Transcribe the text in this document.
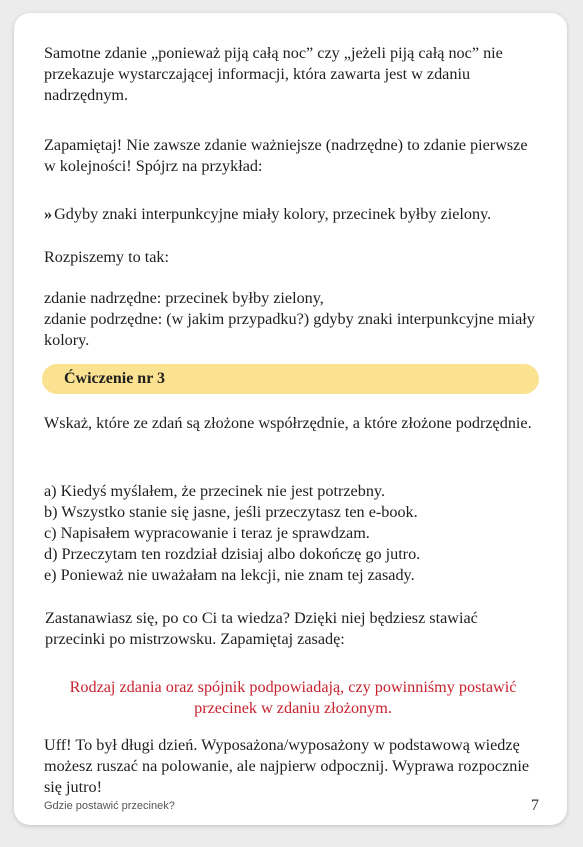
Samotne zdanie „ponieważ piją całą noc” czy „jeżeli piją całą noc” nie przekazuje wystarczającej informacji, która zawarta jest w zdaniu nadrzędnym.

Zapamiętaj! Nie zawsze zdanie ważniejsze (nadrzędne) to zdanie pierwsze w kolejności! Spójrz na przykład:

» Gdyby znaki interpunkcyjne miały kolory, przecinek byłby zielony.

Rozpiszemy to tak:

zdanie nadrzędne: przecinek byłby zielony,
zdanie podrzędne: (w jakim przypadku?) gdyby znaki interpunkcyjne miały kolory.

Ćwiczenie nr 3

Wskaż, które ze zdań są złożone współrzędnie, a które złożone podrzędnie.

a) Kiedyś myślałem, że przecinek nie jest potrzebny.
b) Wszystko stanie się jasne, jeśli przeczytasz ten e-book.
c) Napisałem wypracowanie i teraz je sprawdzam.
d) Przeczytam ten rozdział dzisiaj albo dokończę go jutro.
e) Ponieważ nie uważałam na lekcji, nie znam tej zasady.

Zastanawiasz się, po co Ci ta wiedza? Dzięki niej będziesz stawiać przecinki po mistrzowsku. Zapamiętaj zasadę:

Rodzaj zdania oraz spójnik podpowiadają, czy powinniśmy postawić przecinek w zdaniu złożonym.

Uff! To był długi dzień. Wyposażona/wyposażony w podstawową wiedzę możesz ruszać na polowanie, ale najpierw odpocznij. Wyprawa rozpocznie się jutro!

Gdzie postawić przecinek?	7
